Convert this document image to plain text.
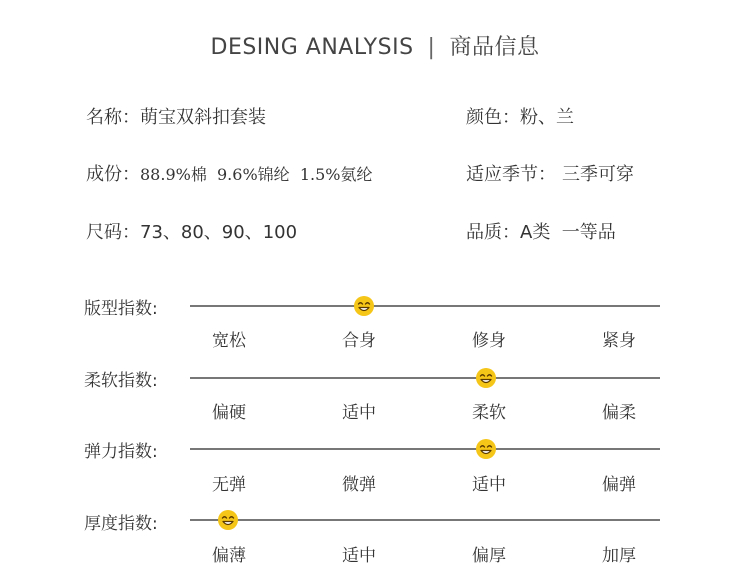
DESING ANALYSIS | 商品信息
名称：萌宝双斜扣套装	颜色：粉、兰
成份：88.9%棉  9.6%锦纶  1.5%氨纶	适应季节： 三季可穿
尺码：73、80、90、100	品质：A类  一等品
版型指数:
宽松	合身	修身	紧身
柔软指数:
偏硬	适中	柔软	偏柔
弹力指数:
无弹	微弹	适中	偏弹
厚度指数:
偏薄	适中	偏厚	加厚
